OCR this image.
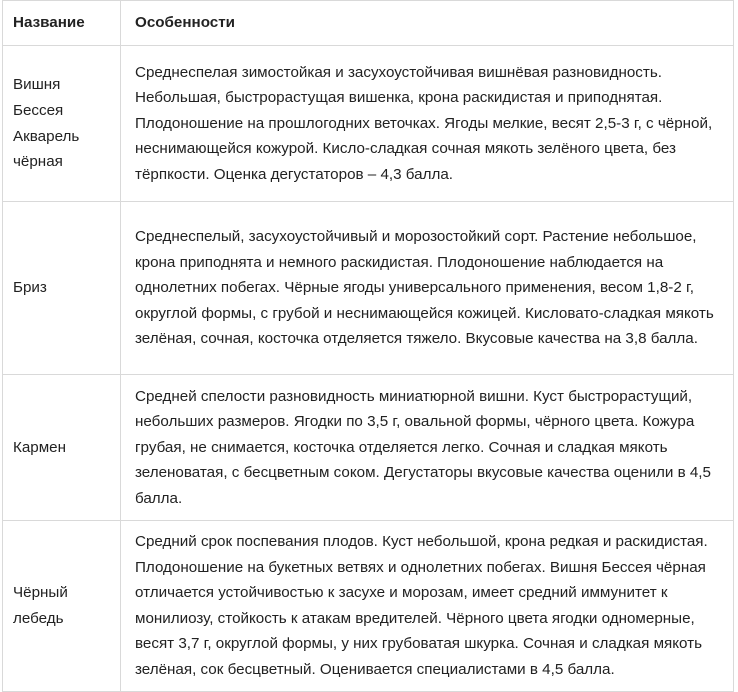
Название	Особенности

Вишня Бессея Акварель чёрная	Среднеспелая зимостойкая и засухоустойчивая вишнёвая разновидность. Небольшая, быстрорастущая вишенка, крона раскидистая и приподнятая. Плодоношение на прошлогодних веточках. Ягоды мелкие, весят 2,5-3 г, с чёрной, неснимающейся кожурой. Кисло-сладкая сочная мякоть зелёного цвета, без тёрпкости. Оценка дегустаторов – 4,3 балла.

Бриз	Среднеспелый, засухоустойчивый и морозостойкий сорт. Растение небольшое, крона приподнята и немного раскидистая. Плодоношение наблюдается на однолетних побегах. Чёрные ягоды универсального применения, весом 1,8-2 г, округлой формы, с грубой и неснимающейся кожицей. Кисловато-сладкая мякоть зелёная, сочная, косточка отделяется тяжело. Вкусовые качества на 3,8 балла.

Кармен	Средней спелости разновидность миниатюрной вишни. Куст быстрорастущий, небольших размеров. Ягодки по 3,5 г, овальной формы, чёрного цвета. Кожура грубая, не снимается, косточка отделяется легко. Сочная и сладкая мякоть зеленоватая, с бесцветным соком. Дегустаторы вкусовые качества оценили в 4,5 балла.

Чёрный лебедь	Средний срок поспевания плодов. Куст небольшой, крона редкая и раскидистая. Плодоношение на букетных ветвях и однолетних побегах. Вишня Бессея чёрная отличается устойчивостью к засухе и морозам, имеет средний иммунитет к монилиозу, стойкость к атакам вредителей. Чёрного цвета ягодки одномерные, весят 3,7 г, округлой формы, у них грубоватая шкурка. Сочная и сладкая мякоть зелёная, сок бесцветный. Оценивается специалистами в 4,5 балла.
